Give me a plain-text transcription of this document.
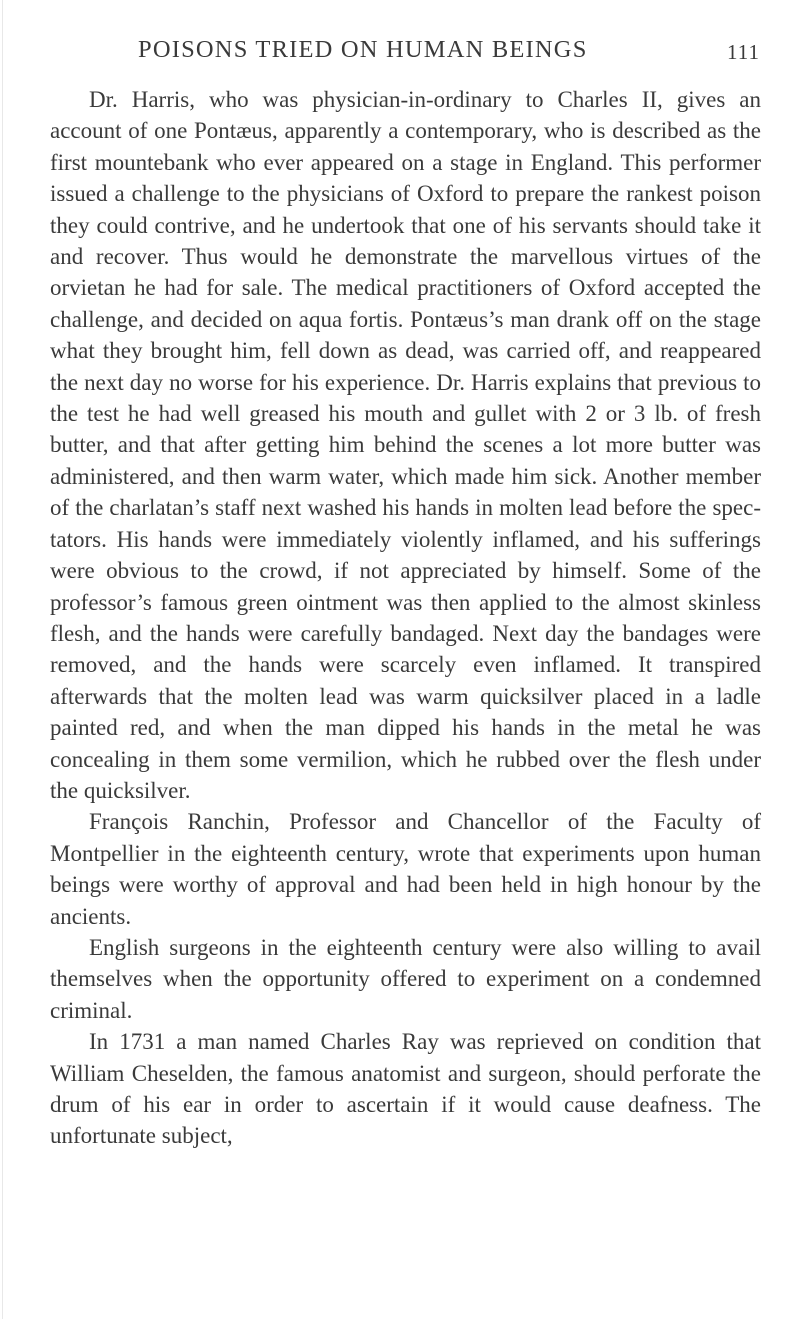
POISONS TRIED ON HUMAN BEINGS	111

Dr. Harris, who was physician-in-ordinary to Charles II, gives an account of one Pontæus, apparently a contemporary, who is described as the first mountebank who ever appeared on a stage in England. This performer issued a challenge to the physicians of Oxford to prepare the rankest poison they could contrive, and he undertook that one of his servants should take it and recover. Thus would he demonstrate the marvellous virtues of the orvietan he had for sale. The medical practitioners of Oxford accepted the challenge, and decided on aqua fortis. Pontæus’s man drank off on the stage what they brought him, fell down as dead, was carried off, and reappeared the next day no worse for his experience. Dr. Harris explains that previous to the test he had well greased his mouth and gullet with 2 or 3 lb. of fresh butter, and that after getting him behind the scenes a lot more butter was administered, and then warm water, which made him sick. Another member of the charlatan’s staff next washed his hands in molten lead before the spectators. His hands were immediately violently inflamed, and his sufferings were obvious to the crowd, if not appreciated by himself. Some of the professor’s famous green ointment was then applied to the almost skinless flesh, and the hands were carefully bandaged. Next day the bandages were removed, and the hands were scarcely even inflamed. It transpired afterwards that the molten lead was warm quicksilver placed in a ladle painted red, and when the man dipped his hands in the metal he was concealing in them some vermilion, which he rubbed over the flesh under the quicksilver.

François Ranchin, Professor and Chancellor of the Faculty of Montpellier in the eighteenth century, wrote that experiments upon human beings were worthy of approval and had been held in high honour by the ancients.

English surgeons in the eighteenth century were also willing to avail themselves when the opportunity offered to experiment on a condemned criminal.

In 1731 a man named Charles Ray was reprieved on condition that William Cheselden, the famous anatomist and surgeon, should perforate the drum of his ear in order to ascertain if it would cause deafness. The unfortunate subject,
